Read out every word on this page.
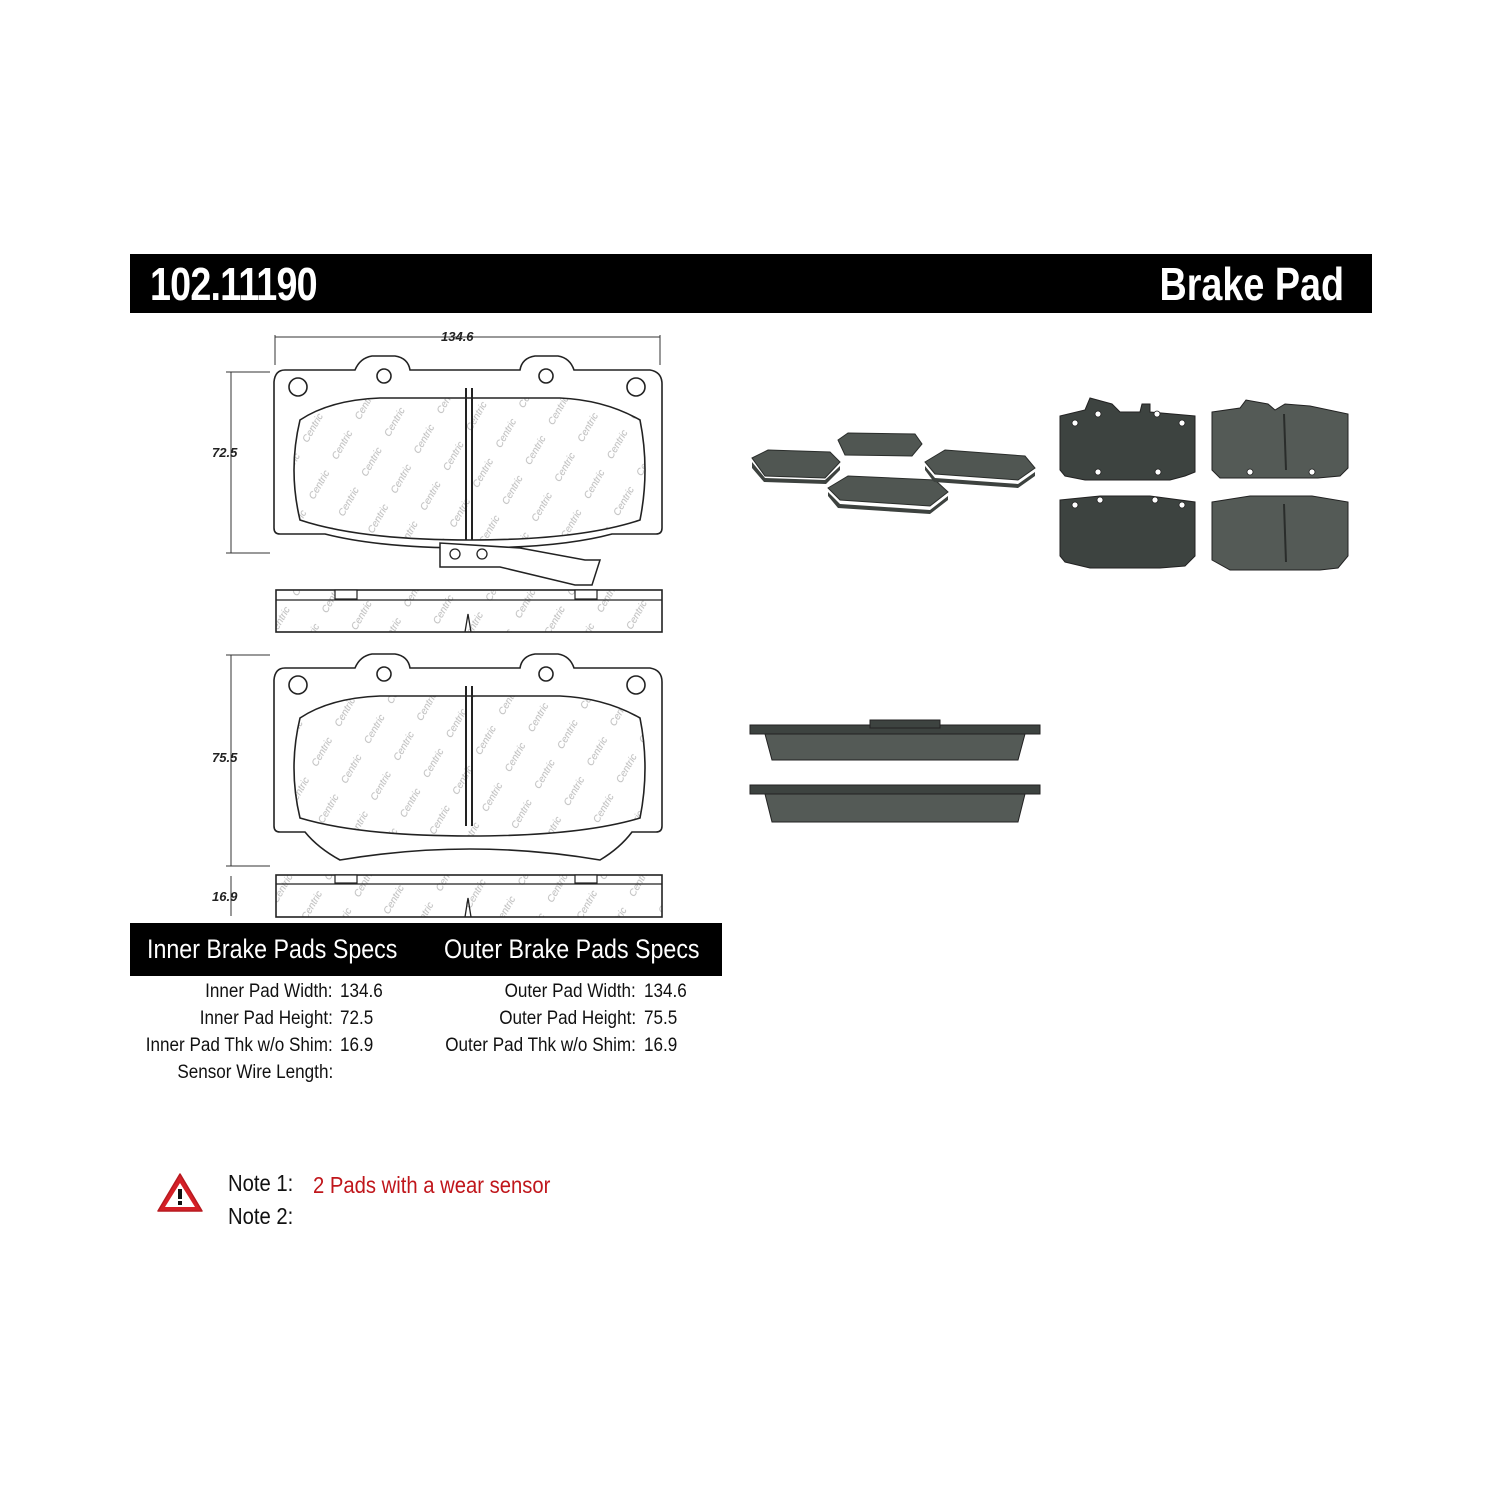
102.11190	Brake Pad
134.6
72.5
75.5
16.9
Inner Brake Pads Specs Outer Brake Pads Specs
Inner Pad Width: 134.6
Inner Pad Height: 72.5
Inner Pad Thk w/o Shim: 16.9
Sensor Wire Length:
Outer Pad Width: 134.6
Outer Pad Height: 75.5
Outer Pad Thk w/o Shim: 16.9
Note 1: 2 Pads with a wear sensor
Note 2:
